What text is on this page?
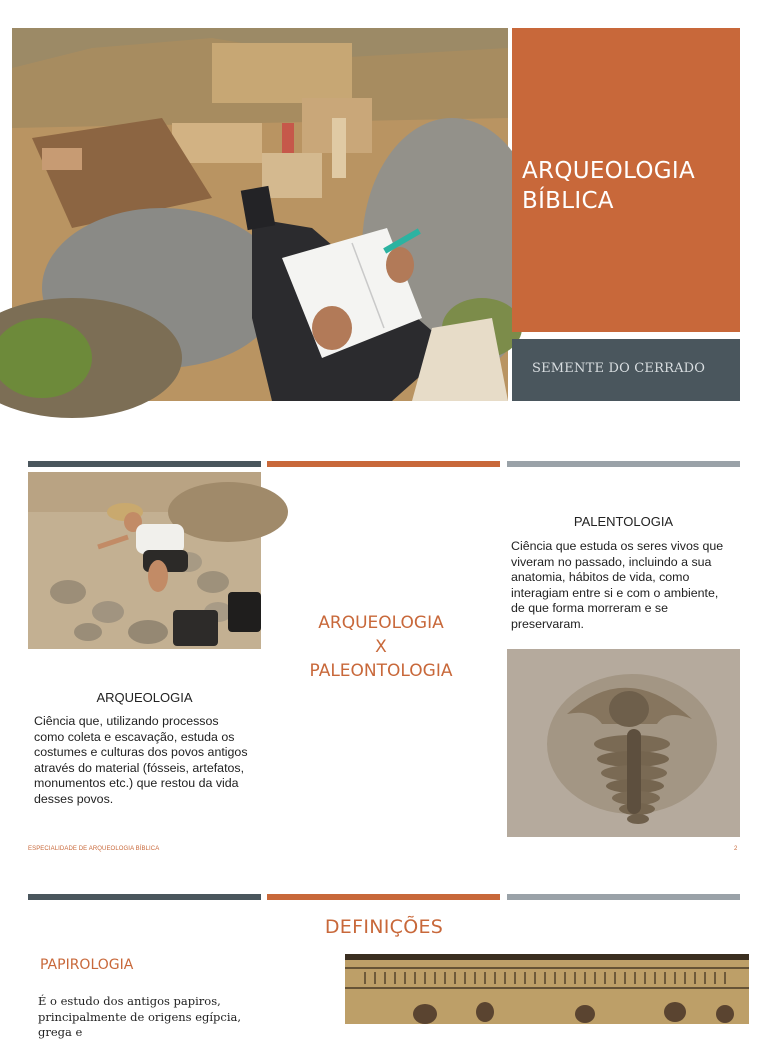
ARQUEOLOGIA
BÍBLICA
SEMENTE DO CERRADO
ARQUEOLOGIA
X
PALEONTOLOGIA
PALENTOLOGIA
Ciência que estuda os seres vivos que
viveram no passado, incluindo a sua
anatomia, hábitos de vida, como
interagiam entre si e com o ambiente,
de que forma morreram e se
preservaram.
ARQUEOLOGIA
Ciência que, utilizando processos
como coleta e escavação, estuda os
costumes e culturas dos povos antigos
através do material (fósseis, artefatos,
monumentos etc.) que restou da vida
desses povos.
ESPECIALIDADE DE ARQUEOLOGIA BÍBLICA	2
DEFINIÇÕES
PAPIROLOGIA
É o estudo dos antigos papiros,
principalmente de origens egípcia, grega e
